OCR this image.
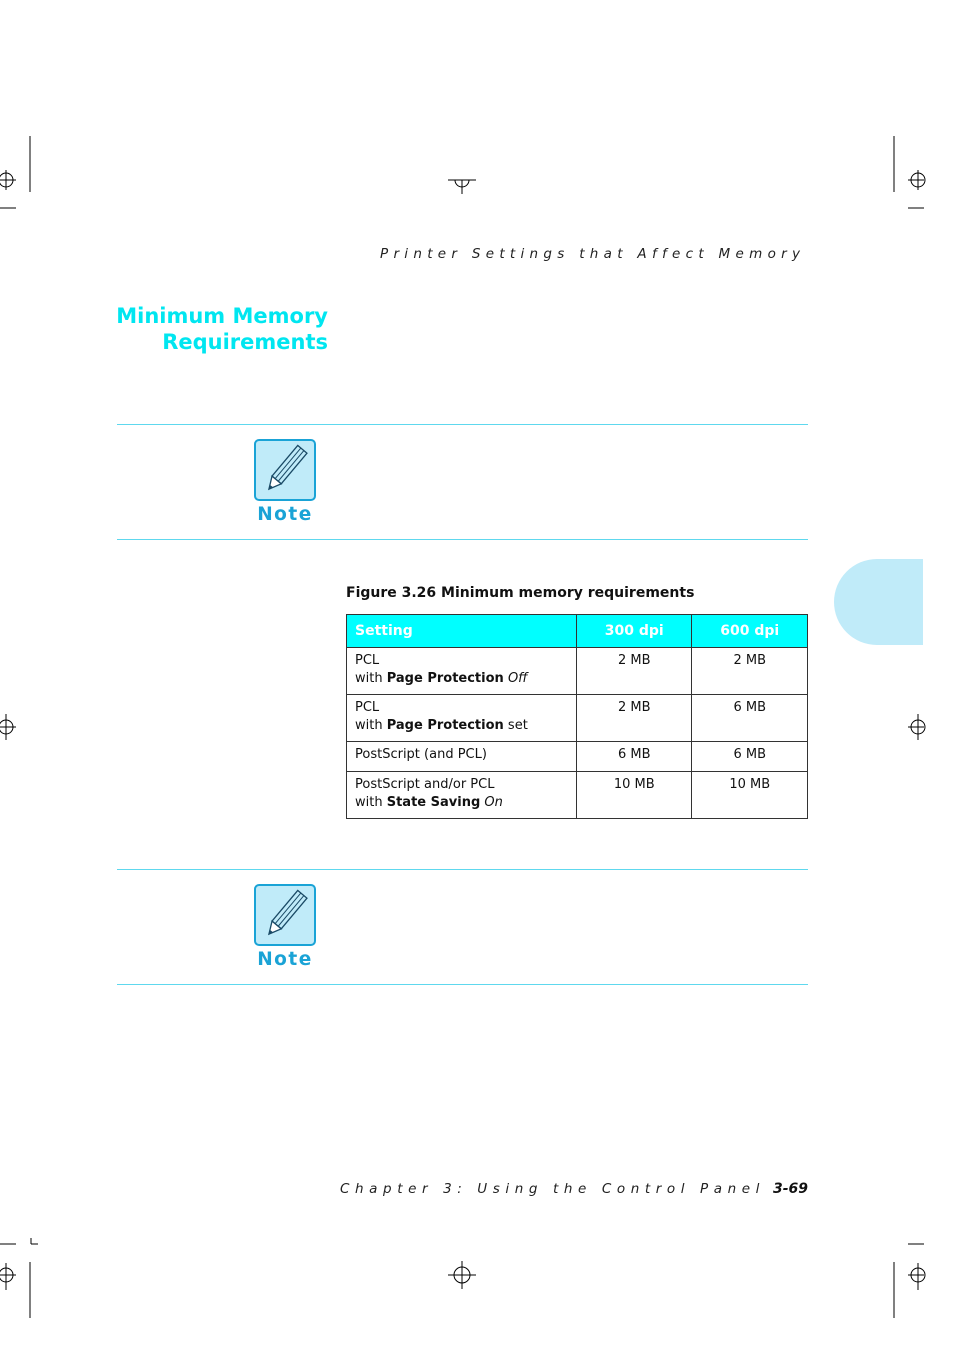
Printer Settings that Affect Memory
Minimum Memory
Requirements
Note
Figure 3.26 Minimum memory requirements
Setting	300 dpi	600 dpi

PCL
with Page Protection Off	2 MB	2 MB

PCL
with Page Protection set	2 MB	6 MB

PostScript (and PCL)	6 MB	6 MB

PostScript and/or PCL
with State Saving On	10 MB	10 MB
Note
Chapter 3: Using the Control Panel 3-69
